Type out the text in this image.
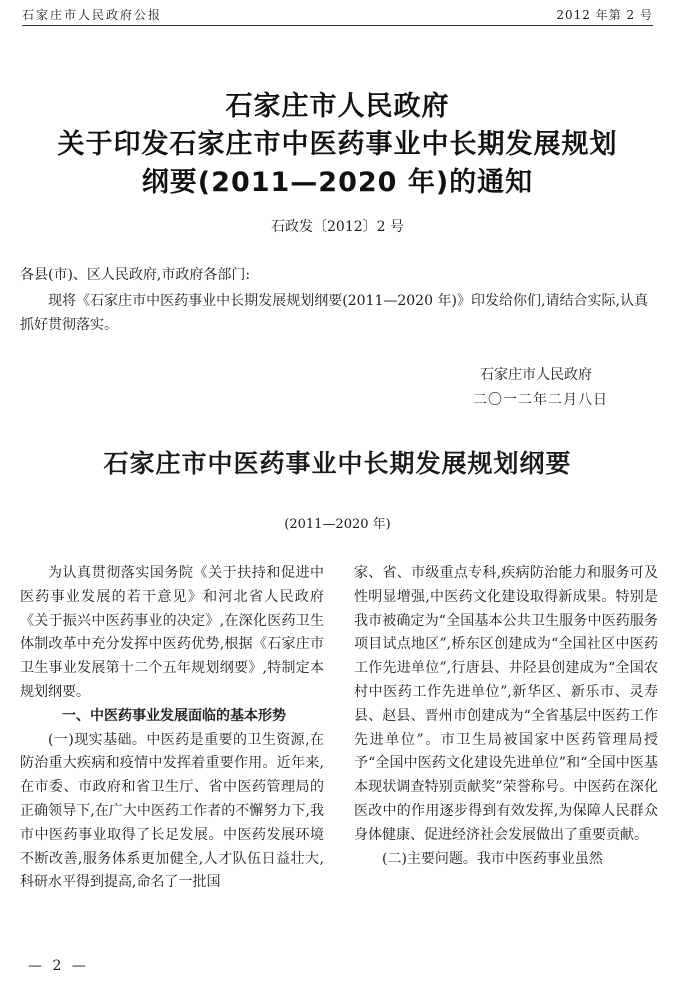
石家庄市人民政府公报	2012 年第 2 号
石家庄市人民政府
关于印发石家庄市中医药事业中长期发展规划
纲要(2011—2020 年)的通知
石政发〔2012〕2 号
各县(市)、区人民政府,市政府各部门:
现将《石家庄市中医药事业中长期发展规划纲要(2011—2020 年)》印发给你们,请结合实际,认真抓好贯彻落实。
石家庄市人民政府
二〇一二年二月八日
石家庄市中医药事业中长期发展规划纲要
(2011—2020 年)

为认真贯彻落实国务院《关于扶持和促进中医药事业发展的若干意见》和河北省人民政府《关于振兴中医药事业的决定》,在深化医药卫生体制改革中充分发挥中医药优势,根据《石家庄市卫生事业发展第十二个五年规划纲要》,特制定本规划纲要。

一、中医药事业发展面临的基本形势

(一)现实基础。中医药是重要的卫生资源,在防治重大疾病和疫情中发挥着重要作用。近年来,在市委、市政府和省卫生厅、省中医药管理局的正确领导下,在广大中医药工作者的不懈努力下,我市中医药事业取得了长足发展。中医药发展环境不断改善,服务体系更加健全,人才队伍日益壮大,科研水平得到提高,命名了一批国

家、省、市级重点专科,疾病防治能力和服务可及性明显增强,中医药文化建设取得新成果。特别是我市被确定为“全国基本公共卫生服务中医药服务项目试点地区”,桥东区创建成为“全国社区中医药工作先进单位”,行唐县、井陉县创建成为“全国农村中医药工作先进单位”,新华区、新乐市、灵寿县、赵县、晋州市创建成为“全省基层中医药工作先进单位”。市卫生局被国家中医药管理局授予“全国中医药文化建设先进单位”和“全国中医基本现状调查特别贡献奖”荣誉称号。中医药在深化医改中的作用逐步得到有效发挥,为保障人民群众身体健康、促进经济社会发展做出了重要贡献。

(二)主要问题。我市中医药事业虽然

— 2 —
